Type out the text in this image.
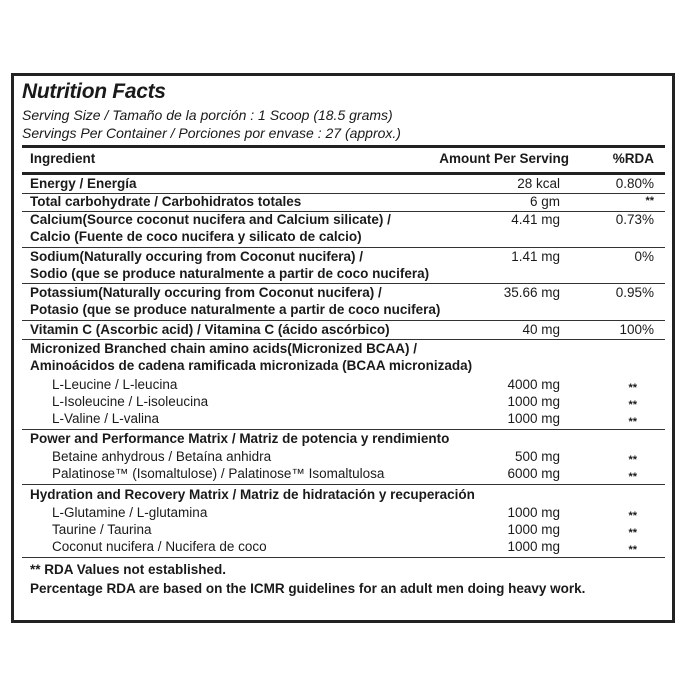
Nutrition Facts
Serving Size / Tamaño de la porción : 1 Scoop (18.5 grams)
Servings Per Container / Porciones por envase : 27 (approx.)
Ingredient	Amount Per Serving	%RDA
Energy / Energía	28 kcal	0.80%
Total carbohydrate / Carbohidratos totales	6 gm	**
Calcium(Source coconut nucifera and Calcium silicate) /
Calcio (Fuente de coco nucifera y silicato de calcio)
4.41 mg	0.73%
Sodium(Naturally occuring from Coconut nucifera) /
Sodio (que se produce naturalmente a partir de coco nucifera)
1.41 mg	0%
Potassium(Naturally occuring from Coconut nucifera) /
Potasio (que se produce naturalmente a partir de coco nucifera)
35.66 mg	0.95%
Vitamin C (Ascorbic acid) / Vitamina C (ácido ascórbico)	40 mg	100%
Micronized Branched chain amino acids(Micronized BCAA) /
Aminoácidos de cadena ramificada micronizada (BCAA micronizada)
L-Leucine / L-leucina	4000 mg	**
L-Isoleucine / L-isoleucina	1000 mg	**
L-Valine / L-valina	1000 mg	**
Power and Performance Matrix / Matriz de potencia y rendimiento
Betaine anhydrous / Betaína anhidra	500 mg	**
Palatinose™ (Isomaltulose) / Palatinose™ Isomaltulosa	6000 mg	**
Hydration and Recovery Matrix / Matriz de hidratación y recuperación
L-Glutamine / L-glutamina	1000 mg	**
Taurine / Taurina	1000 mg	**
Coconut nucifera / Nucifera de coco	1000 mg	**
** RDA Values not established.
Percentage RDA are based on the ICMR guidelines for an adult men doing heavy work.
